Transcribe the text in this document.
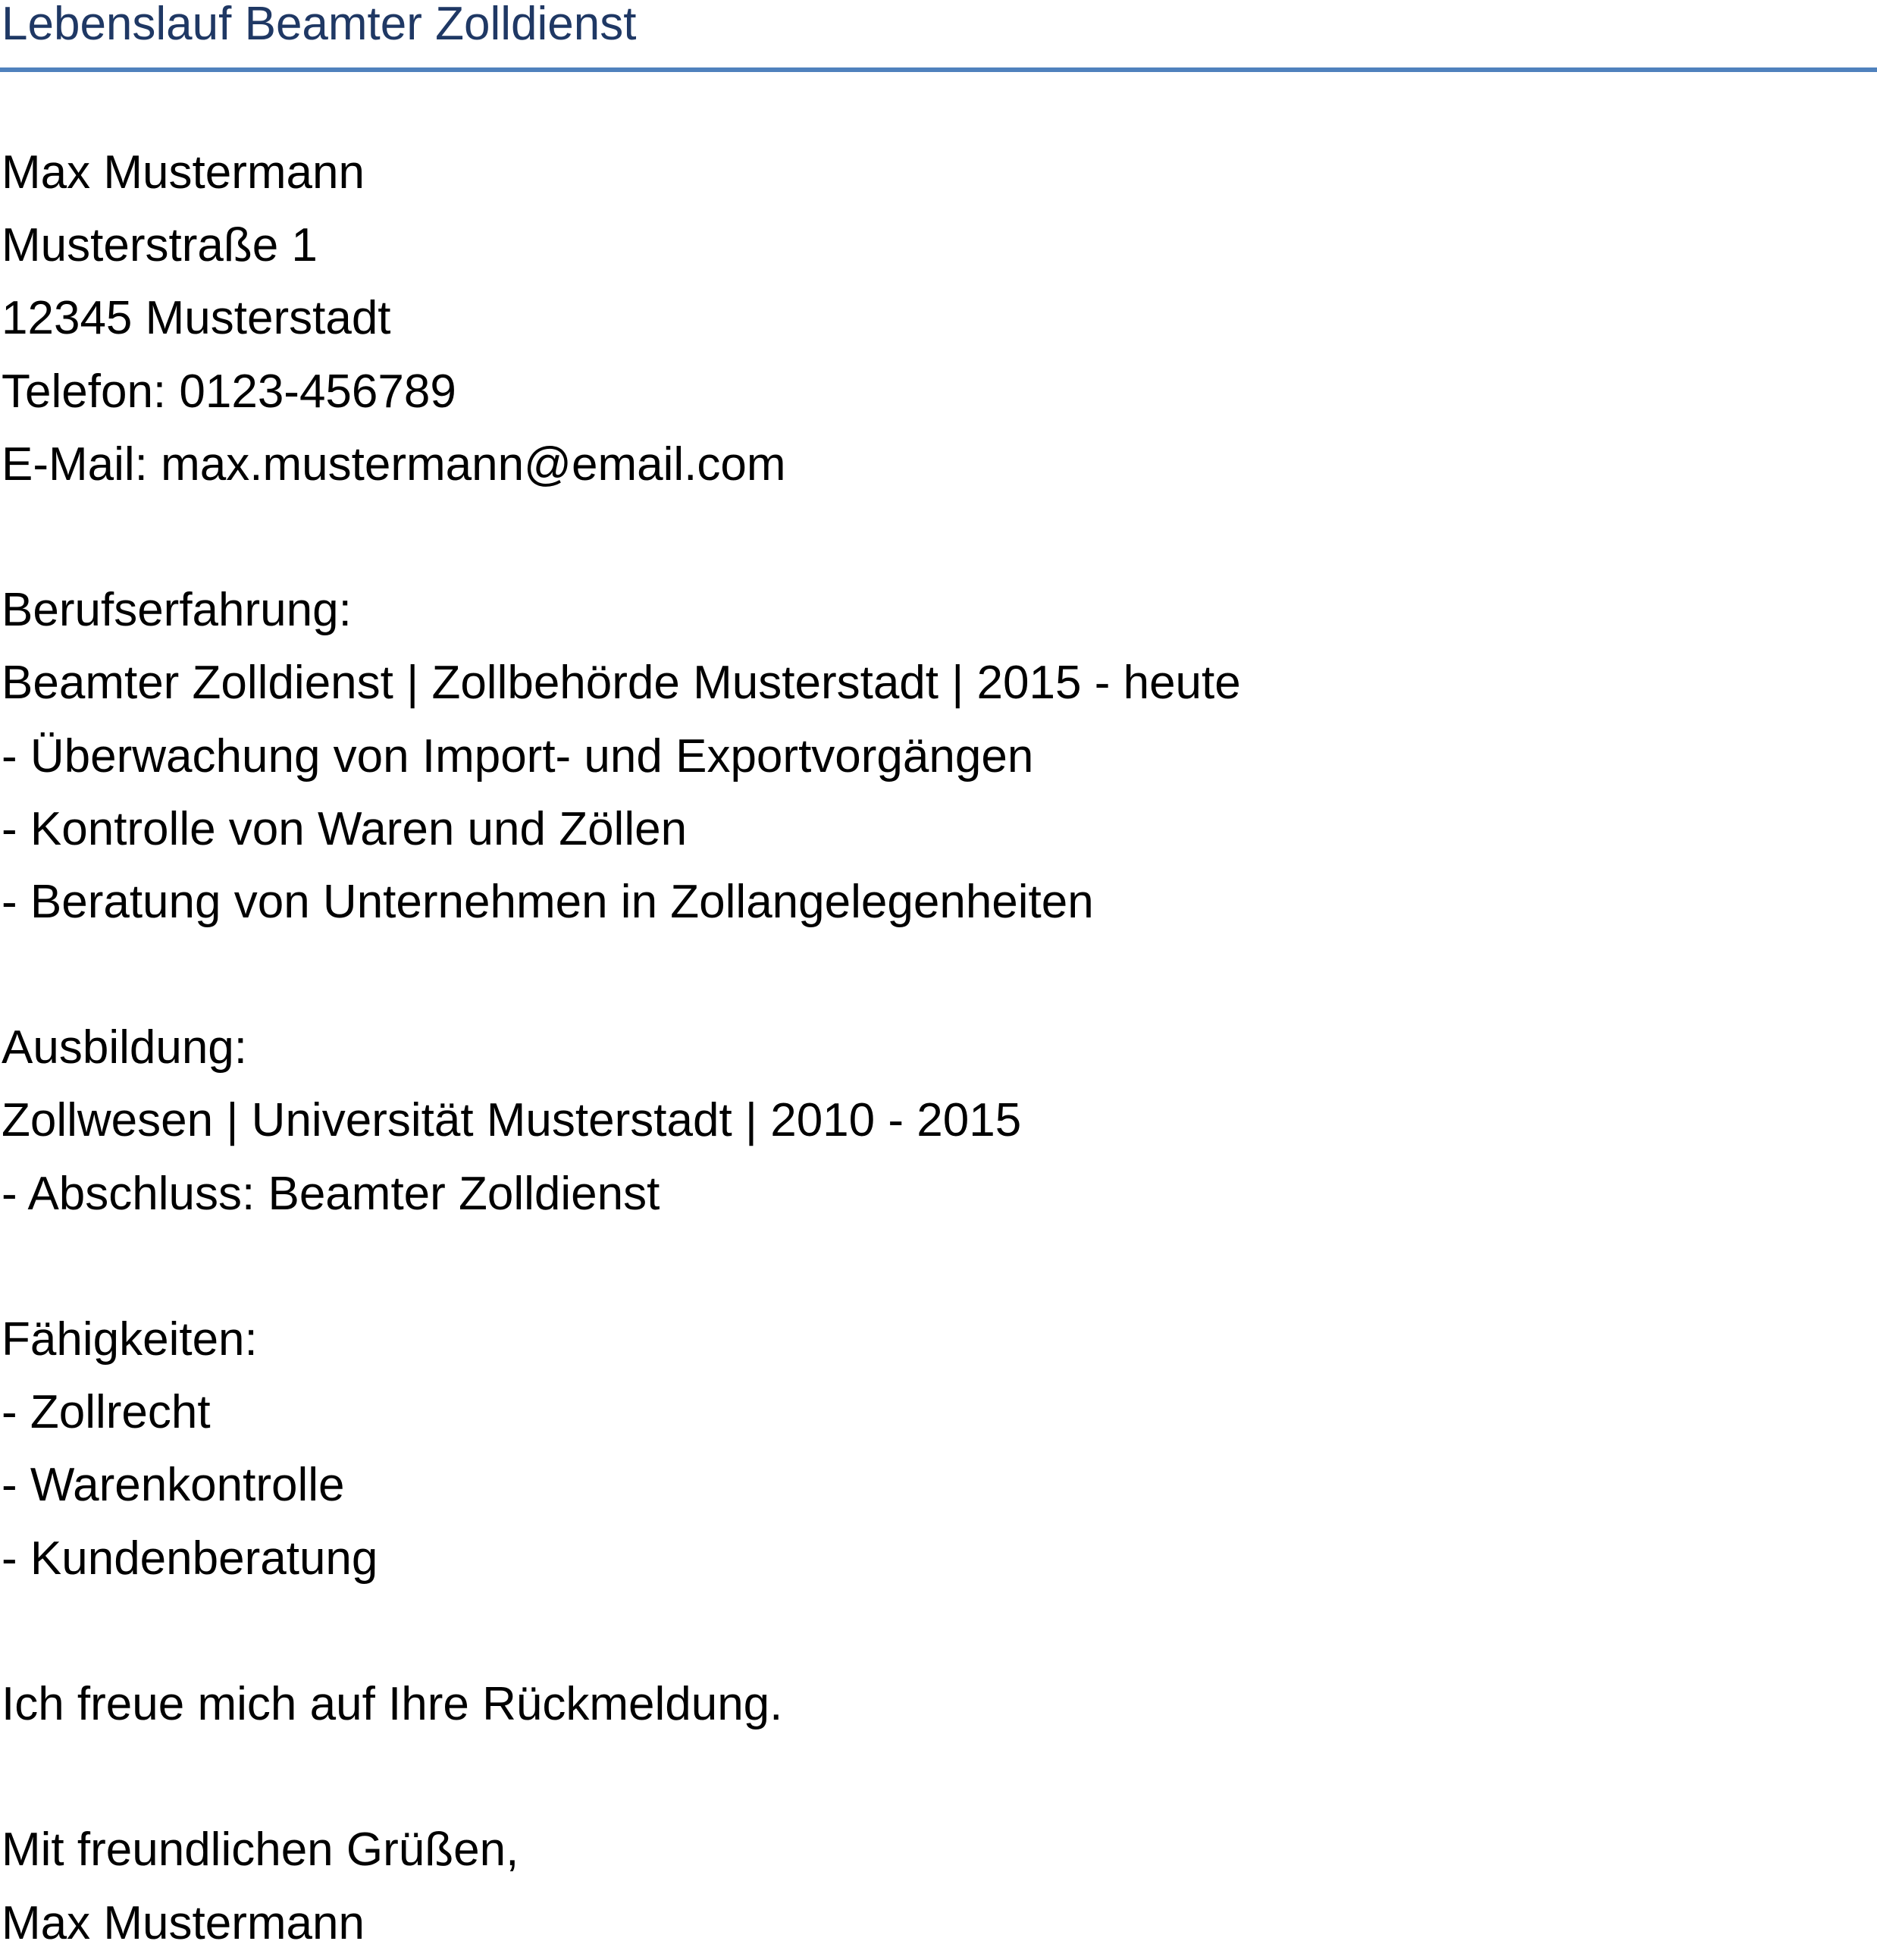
Lebenslauf Beamter Zolldienst
Max Mustermann
Musterstraße 1
12345 Musterstadt
Telefon: 0123-456789
E-Mail: max.mustermann@email.com
Berufserfahrung:
Beamter Zolldienst | Zollbehörde Musterstadt | 2015 - heute
- Überwachung von Import- und Exportvorgängen
- Kontrolle von Waren und Zöllen
- Beratung von Unternehmen in Zollangelegenheiten
Ausbildung:
Zollwesen | Universität Musterstadt | 2010 - 2015
- Abschluss: Beamter Zolldienst
Fähigkeiten:
- Zollrecht
- Warenkontrolle
- Kundenberatung
Ich freue mich auf Ihre Rückmeldung.
Mit freundlichen Grüßen,
Max Mustermann
